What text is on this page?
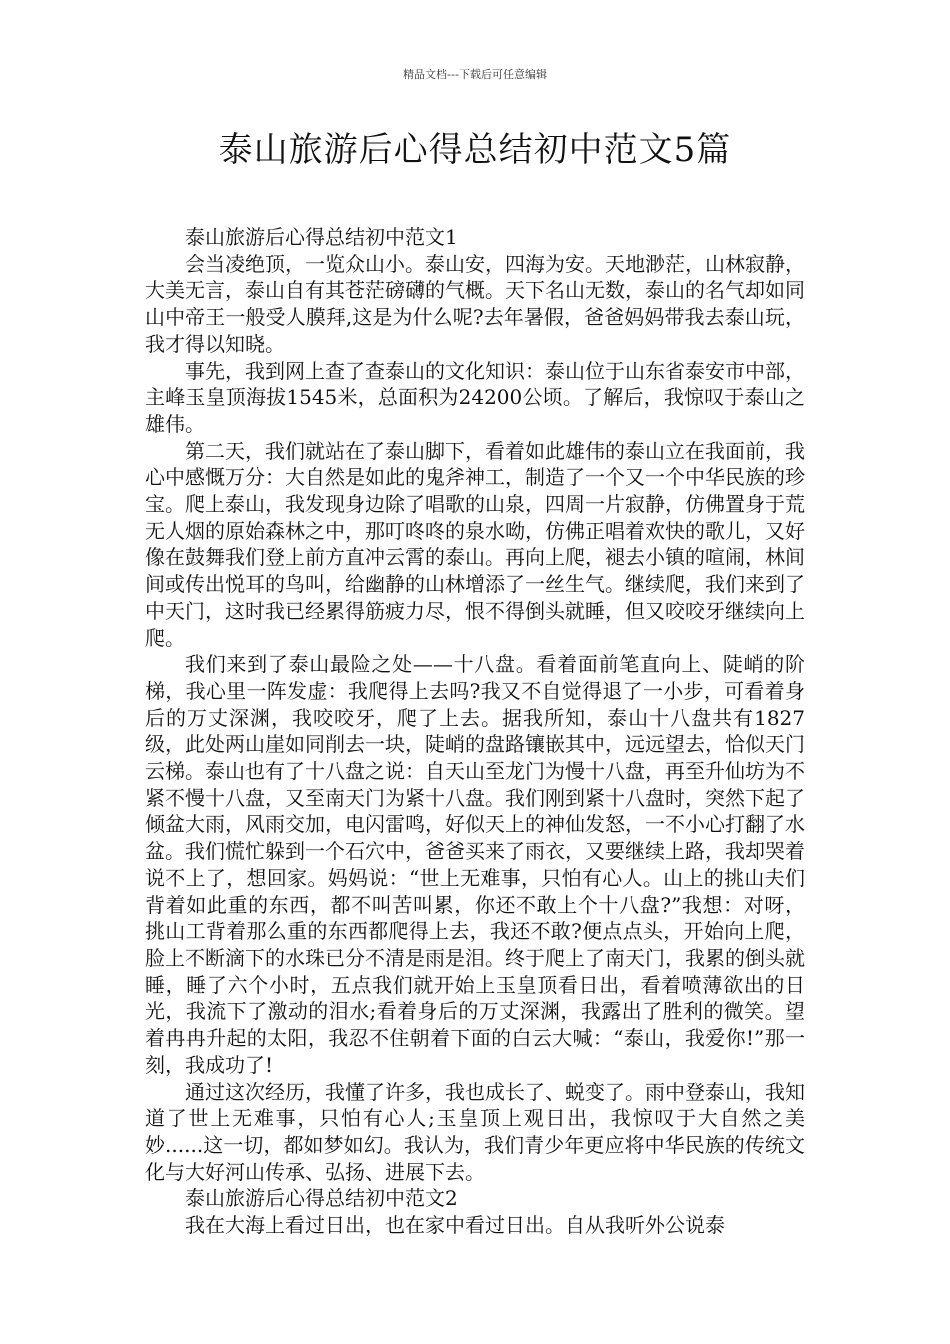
精品文档---下载后可任意编辑
泰山旅游后心得总结初中范文5篇
泰山旅游后心得总结初中范文1

会当凌绝顶，一览众山小。泰山安，四海为安。天地渺茫，山林寂静，大美无言，泰山自有其苍茫磅礴的气概。天下名山无数，泰山的名气却如同山中帝王一般受人膜拜,这是为什么呢?去年暑假，爸爸妈妈带我去泰山玩，我才得以知晓。

事先，我到网上查了查泰山的文化知识：泰山位于山东省泰安市中部，主峰玉皇顶海拔1545米，总面积为24200公顷。了解后，我惊叹于泰山之雄伟。

第二天，我们就站在了泰山脚下，看着如此雄伟的泰山立在我面前，我心中感慨万分：大自然是如此的鬼斧神工，制造了一个又一个中华民族的珍宝。爬上泰山，我发现身边除了唱歌的山泉，四周一片寂静，仿佛置身于荒无人烟的原始森林之中，那叮咚咚的泉水呦，仿佛正唱着欢快的歌儿，又好像在鼓舞我们登上前方直冲云霄的泰山。再向上爬，褪去小镇的喧闹，林间间或传出悦耳的鸟叫，给幽静的山林增添了一丝生气。继续爬，我们来到了中天门，这时我已经累得筋疲力尽，恨不得倒头就睡，但又咬咬牙继续向上爬。

我们来到了泰山最险之处——十八盘。看着面前笔直向上、陡峭的阶梯，我心里一阵发虚：我爬得上去吗?我又不自觉得退了一小步，可看着身后的万丈深渊，我咬咬牙，爬了上去。据我所知，泰山十八盘共有1827级，此处两山崖如同削去一块，陡峭的盘路镶嵌其中，远远望去，恰似天门云梯。泰山也有了十八盘之说：自天山至龙门为慢十八盘，再至升仙坊为不紧不慢十八盘，又至南天门为紧十八盘。我们刚到紧十八盘时，突然下起了倾盆大雨，风雨交加，电闪雷鸣，好似天上的神仙发怒，一不小心打翻了水盆。我们慌忙躲到一个石穴中，爸爸买来了雨衣，又要继续上路，我却哭着说不上了，想回家。妈妈说：“世上无难事，只怕有心人。山上的挑山夫们背着如此重的东西，都不叫苦叫累，你还不敢上个十八盘?”我想：对呀，挑山工背着那么重的东西都爬得上去，我还不敢?便点点头，开始向上爬，脸上不断滴下的水珠已分不清是雨是泪。终于爬上了南天门，我累的倒头就睡，睡了六个小时，五点我们就开始上玉皇顶看日出，看着喷薄欲出的日光，我流下了激动的泪水;看着身后的万丈深渊，我露出了胜利的微笑。望着冉冉升起的太阳，我忍不住朝着下面的白云大喊：“泰山，我爱你!”那一刻，我成功了!

通过这次经历，我懂了许多，我也成长了、蜕变了。雨中登泰山，我知道了世上无难事，只怕有心人;玉皇顶上观日出，我惊叹于大自然之美妙......这一切，都如梦如幻。我认为，我们青少年更应将中华民族的传统文化与大好河山传承、弘扬、进展下去。

泰山旅游后心得总结初中范文2

我在大海上看过日出，也在家中看过日出。自从我听外公说泰
